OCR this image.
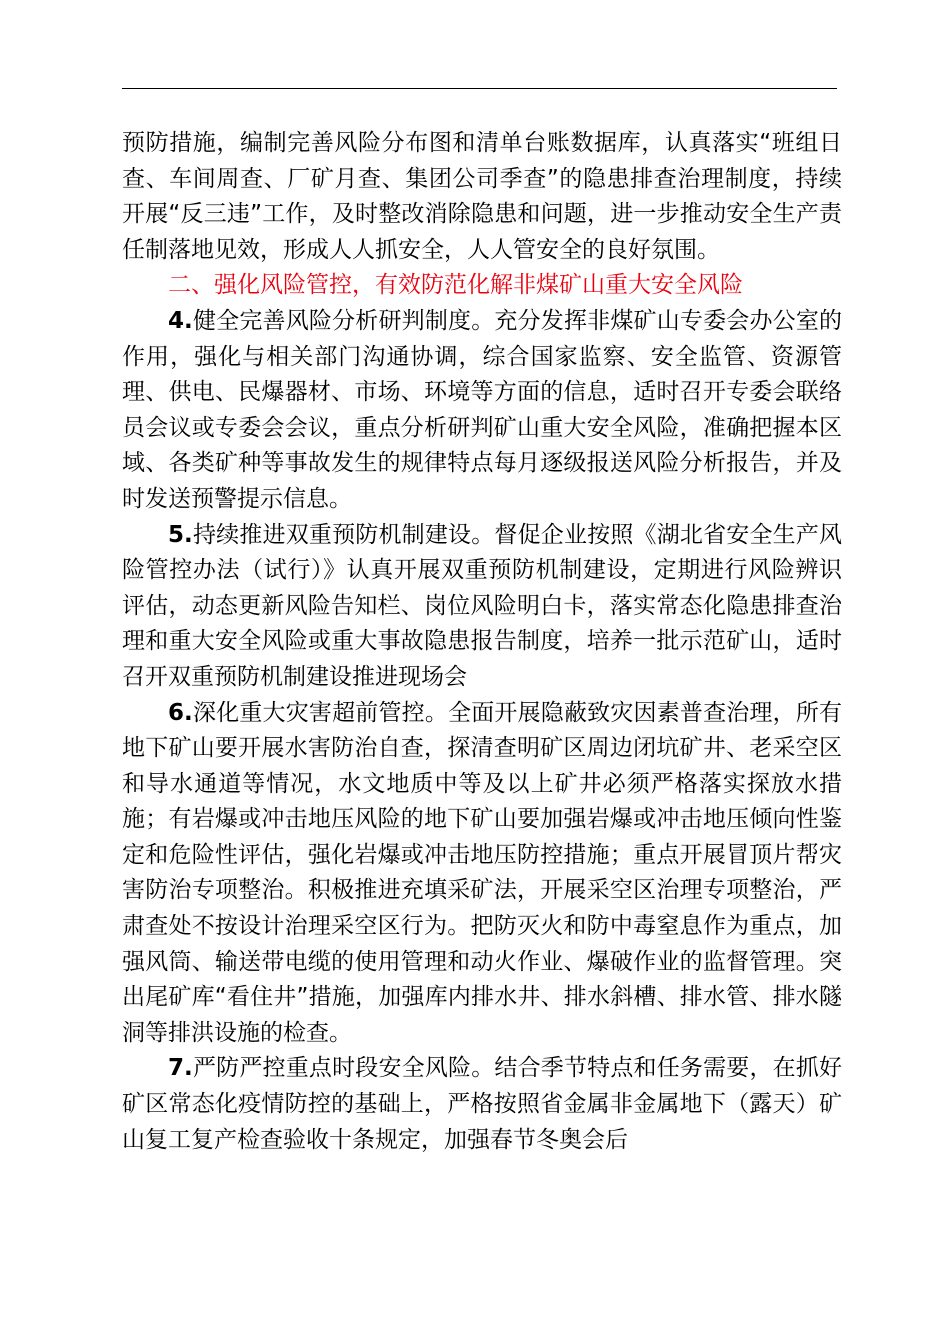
预防措施，编制完善风险分布图和清单台账数据库，认真落实“班组日查、车间周查、厂矿月查、集团公司季查”的隐患排查治理制度，持续开展“反三违”工作，及时整改消除隐患和问题，进一步推动安全生产责任制落地见效，形成人人抓安全，人人管安全的良好氛围。

二、强化风险管控，有效防范化解非煤矿山重大安全风险

4.健全完善风险分析研判制度。充分发挥非煤矿山专委会办公室的作用，强化与相关部门沟通协调，综合国家监察、安全监管、资源管理、供电、民爆器材、市场、环境等方面的信息，适时召开专委会联络员会议或专委会会议，重点分析研判矿山重大安全风险，准确把握本区域、各类矿种等事故发生的规律特点每月逐级报送风险分析报告，并及时发送预警提示信息。

5.持续推进双重预防机制建设。督促企业按照《湖北省安全生产风险管控办法（试行）》认真开展双重预防机制建设，定期进行风险辨识评估，动态更新风险告知栏、岗位风险明白卡，落实常态化隐患排查治理和重大安全风险或重大事故隐患报告制度，培养一批示范矿山，适时召开双重预防机制建设推进现场会

6.深化重大灾害超前管控。全面开展隐蔽致灾因素普查治理，所有地下矿山要开展水害防治自查，探清查明矿区周边闭坑矿井、老采空区和导水通道等情况，水文地质中等及以上矿井必须严格落实探放水措施；有岩爆或冲击地压风险的地下矿山要加强岩爆或冲击地压倾向性鉴定和危险性评估，强化岩爆或冲击地压防控措施；重点开展冒顶片帮灾害防治专项整治。积极推进充填采矿法，开展采空区治理专项整治，严肃查处不按设计治理采空区行为。把防灭火和防中毒窒息作为重点，加强风筒、输送带电缆的使用管理和动火作业、爆破作业的监督管理。突出尾矿库“看住井”措施，加强库内排水井、排水斜槽、排水管、排水隧洞等排洪设施的检查。

7.严防严控重点时段安全风险。结合季节特点和任务需要，在抓好矿区常态化疫情防控的基础上，严格按照省金属非金属地下（露天）矿山复工复产检查验收十条规定，加强春节冬奥会后
